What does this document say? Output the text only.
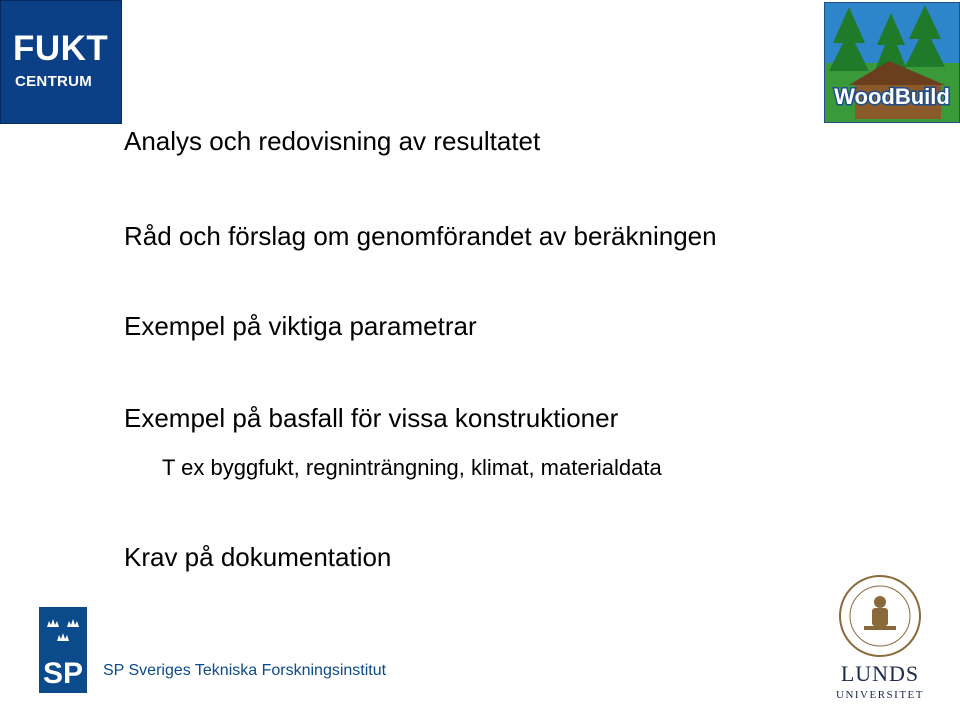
FUKT
CENTRUM
WoodBuild
Analys och redovisning av resultatet
Råd och förslag om genomförandet av beräkningen
Exempel på viktiga parametrar
Exempel på basfall för vissa konstruktioner
T ex byggfukt, regninträngning, klimat, materialdata
Krav på dokumentation
SP SP Sveriges Tekniska Forskningsinstitut	LUNDS
UNIVERSITET
